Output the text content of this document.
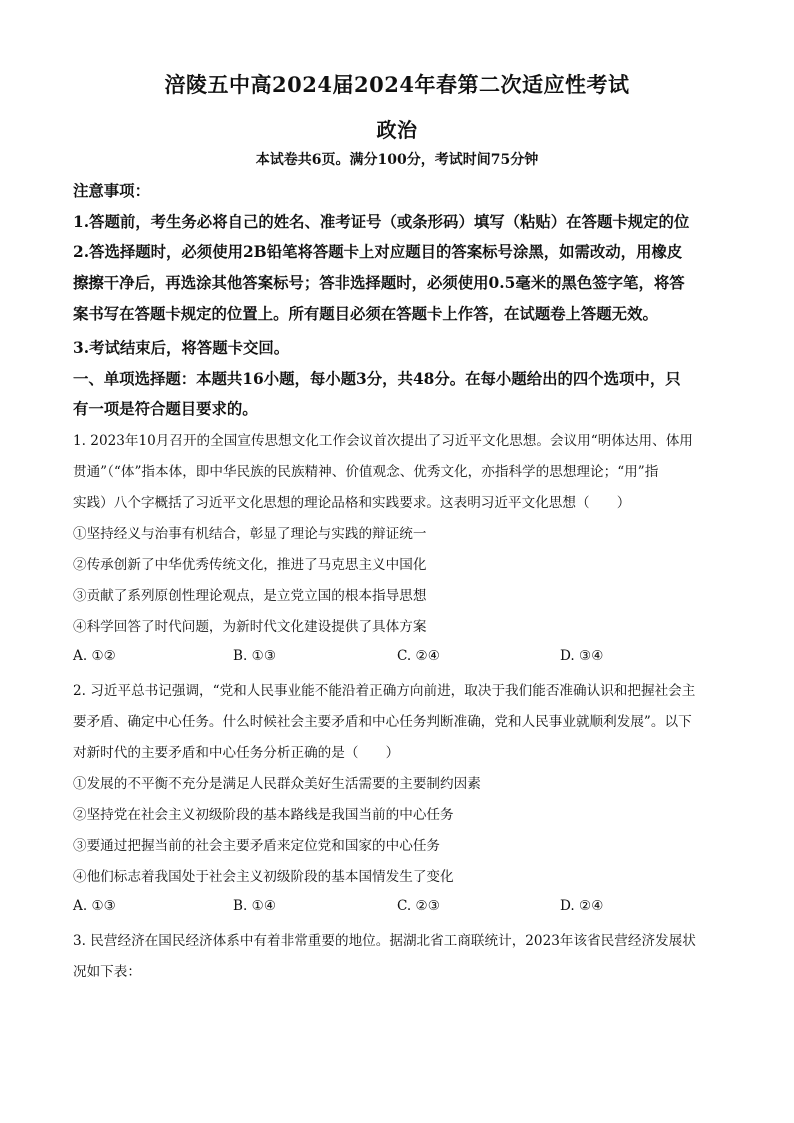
涪陵五中高2024届2024年春第二次适应性考试
政治
本试卷共6页。满分100分，考试时间75分钟
注意事项：
1.答题前，考生务必将自己的姓名、准考证号（或条形码）填写（粘贴）在答题卡规定的位
2.答选择题时，必须使用2B铅笔将答题卡上对应题目的答案标号涂黑，如需改动，用橡皮
擦擦干净后，再选涂其他答案标号；答非选择题时，必须使用0.5毫米的黑色签字笔，将答
案书写在答题卡规定的位置上。所有题目必须在答题卡上作答，在试题卷上答题无效。
3.考试结束后，将答题卡交回。
一、单项选择题：本题共16小题，每小题3分，共48分。在每小题给出的四个选项中，只
有一项是符合题目要求的。
1. 2023年10月召开的全国宣传思想文化工作会议首次提出了习近平文化思想。会议用“明体达用、体用
贯通”（“体”指本体，即中华民族的民族精神、价值观念、优秀文化，亦指科学的思想理论；“用”指
实践）八个字概括了习近平文化思想的理论品格和实践要求。这表明习近平文化思想（　　）
①坚持经义与治事有机结合，彰显了理论与实践的辩证统一
②传承创新了中华优秀传统文化，推进了马克思主义中国化
③贡献了系列原创性理论观点，是立党立国的根本指导思想
④科学回答了时代问题，为新时代文化建设提供了具体方案
A. ①②	B. ①③	C. ②④	D. ③④
2. 习近平总书记强调，“党和人民事业能不能沿着正确方向前进，取决于我们能否准确认识和把握社会主
要矛盾、确定中心任务。什么时候社会主要矛盾和中心任务判断准确，党和人民事业就顺利发展”。以下
对新时代的主要矛盾和中心任务分析正确的是（　　）
①发展的不平衡不充分是满足人民群众美好生活需要的主要制约因素
②坚持党在社会主义初级阶段的基本路线是我国当前的中心任务
③要通过把握当前的社会主要矛盾来定位党和国家的中心任务
④他们标志着我国处于社会主义初级阶段的基本国情发生了变化
A. ①③	B. ①④	C. ②③	D. ②④
3. 民营经济在国民经济体系中有着非常重要的地位。据湖北省工商联统计，2023年该省民营经济发展状
况如下表：
